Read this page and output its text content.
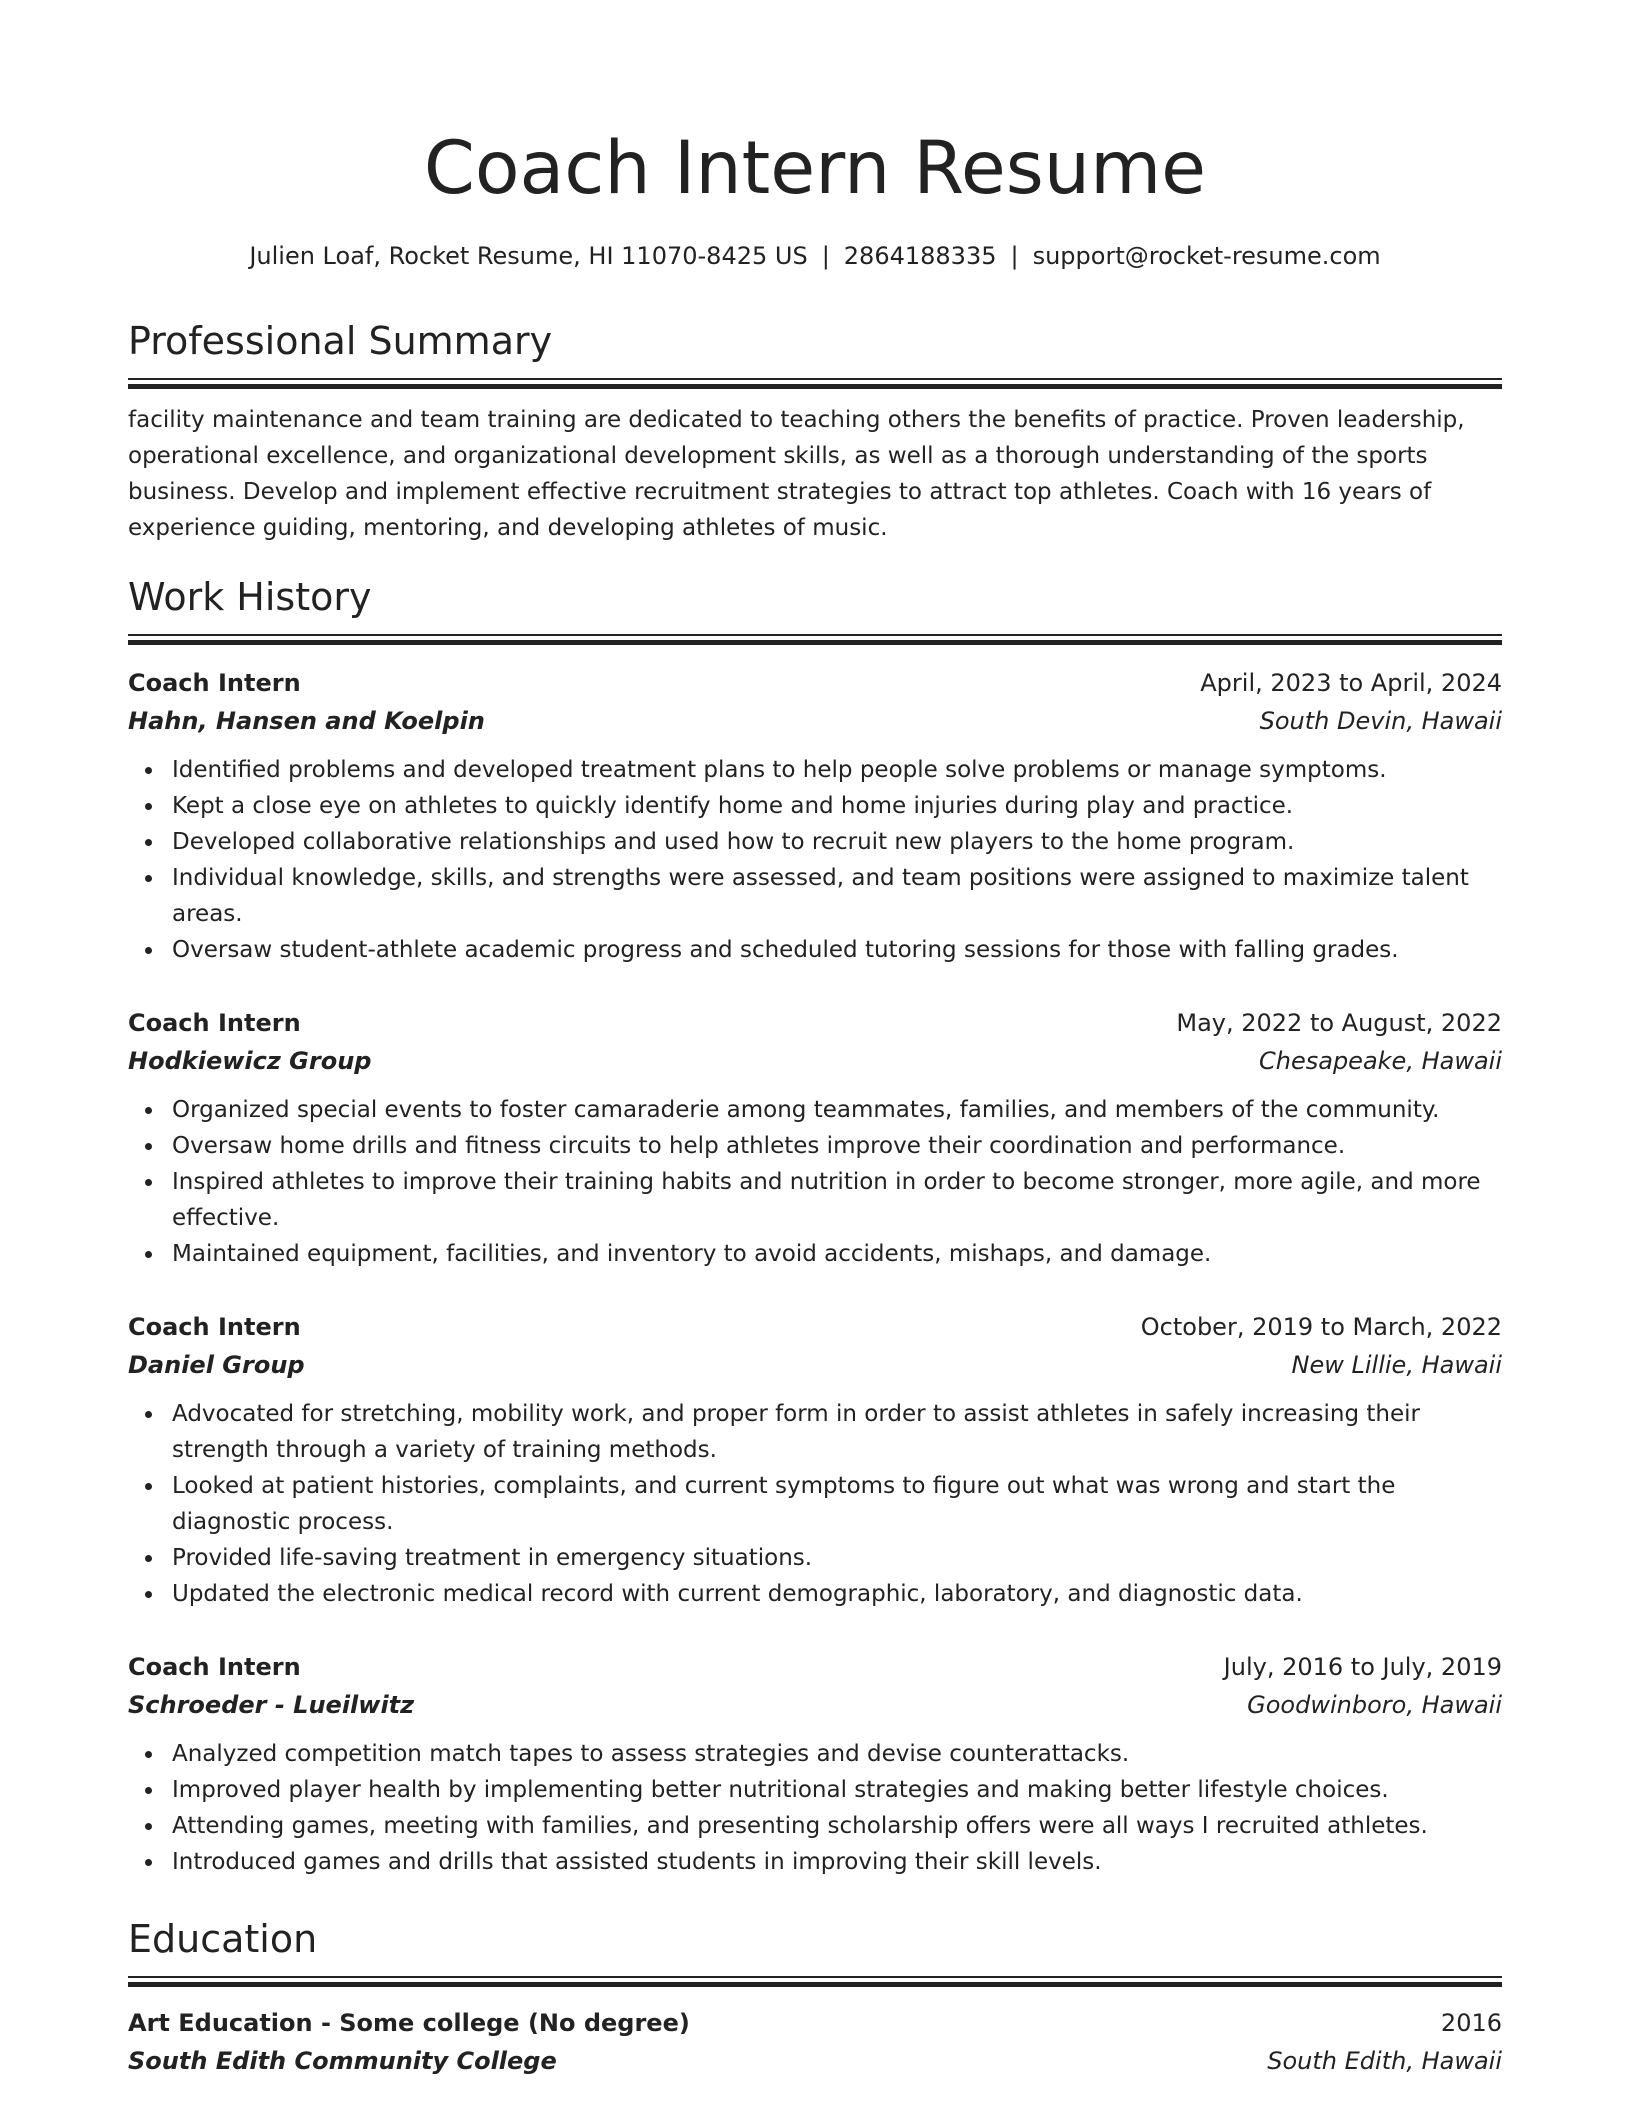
Coach Intern Resume
Julien Loaf, Rocket Resume, HI 11070-8425 US | 2864188335 | support@rocket-resume.com
Professional Summary
facility maintenance and team training are dedicated to teaching others the benefits of practice. Proven leadership,
operational excellence, and organizational development skills, as well as a thorough understanding of the sports
business. Develop and implement effective recruitment strategies to attract top athletes. Coach with 16 years of
experience guiding, mentoring, and developing athletes of music.
Work History
Coach Intern	April, 2023 to April, 2024
Hahn, Hansen and Koelpin	South Devin, Hawaii
Identified problems and developed treatment plans to help people solve problems or manage symptoms.
Kept a close eye on athletes to quickly identify home and home injuries during play and practice.
Developed collaborative relationships and used how to recruit new players to the home program.
Individual knowledge, skills, and strengths were assessed, and team positions were assigned to maximize talent areas.
Oversaw student-athlete academic progress and scheduled tutoring sessions for those with falling grades.
Coach Intern	May, 2022 to August, 2022
Hodkiewicz Group	Chesapeake, Hawaii
Organized special events to foster camaraderie among teammates, families, and members of the community.
Oversaw home drills and fitness circuits to help athletes improve their coordination and performance.
Inspired athletes to improve their training habits and nutrition in order to become stronger, more agile, and more effective.
Maintained equipment, facilities, and inventory to avoid accidents, mishaps, and damage.
Coach Intern	October, 2019 to March, 2022
Daniel Group	New Lillie, Hawaii
Advocated for stretching, mobility work, and proper form in order to assist athletes in safely increasing their strength through a variety of training methods.
Looked at patient histories, complaints, and current symptoms to figure out what was wrong and start the diagnostic process.
Provided life-saving treatment in emergency situations.
Updated the electronic medical record with current demographic, laboratory, and diagnostic data.
Coach Intern	July, 2016 to July, 2019
Schroeder - Lueilwitz	Goodwinboro, Hawaii
Analyzed competition match tapes to assess strategies and devise counterattacks.
Improved player health by implementing better nutritional strategies and making better lifestyle choices.
Attending games, meeting with families, and presenting scholarship offers were all ways I recruited athletes.
Introduced games and drills that assisted students in improving their skill levels.
Education
Art Education - Some college (No degree)	2016
South Edith Community College	South Edith, Hawaii
